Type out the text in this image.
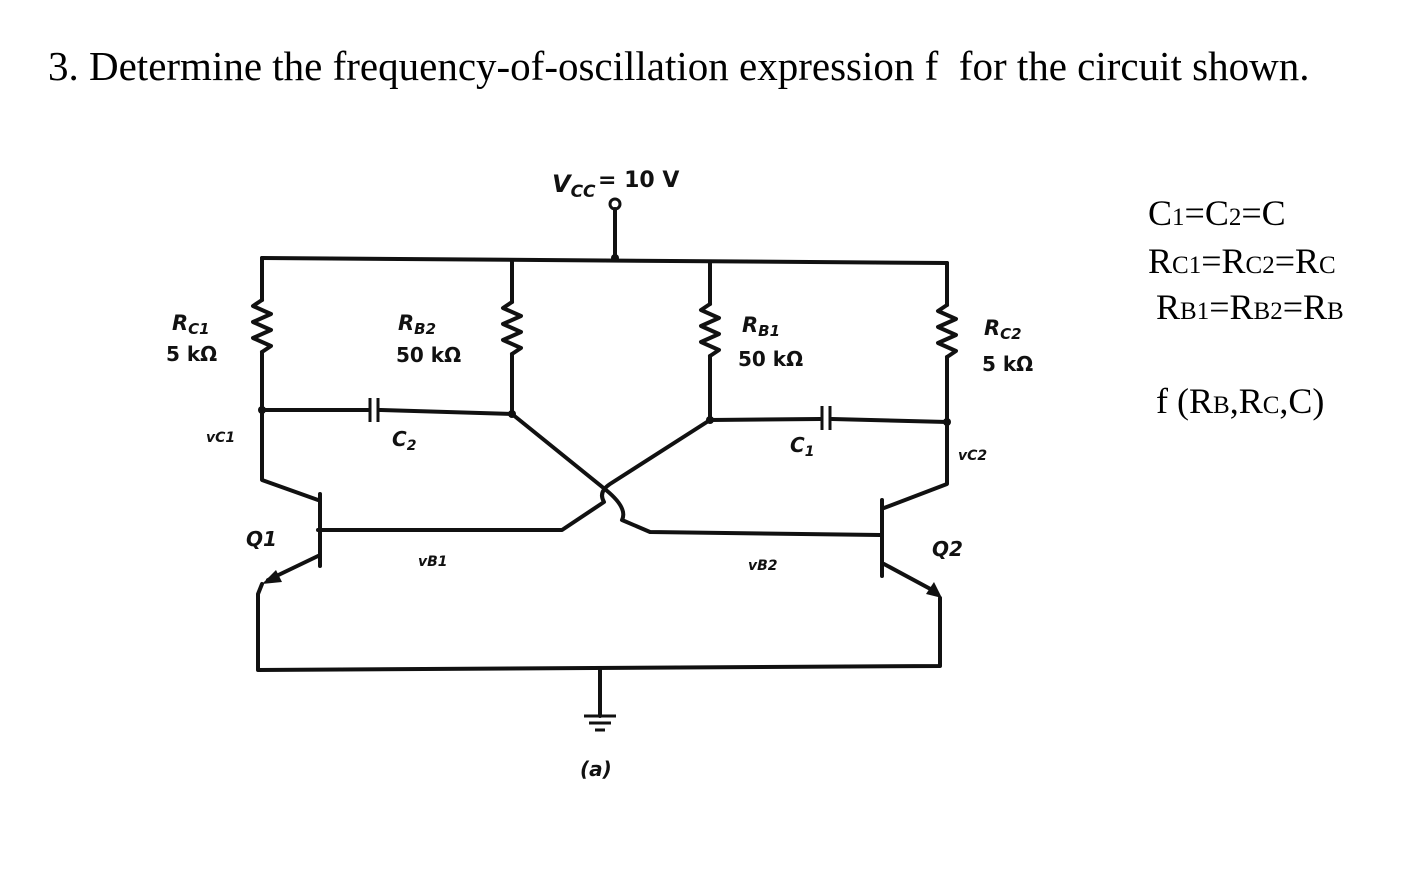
3. Determine the frequency-of-oscillation expression f  for the circuit shown.
$V_{CC} = 10$ V
RC1
5 kΩ
RB2
50 kΩ
RB1
50 kΩ
RC2
5 kΩ
$C_2$	$C_1$
vC1
vC2
vB1	vB2
Q1	Q2
(a)
C1=C2=C
RC1=RC2=RC
RB1=RB2=RB
f (RB,RC,C)
